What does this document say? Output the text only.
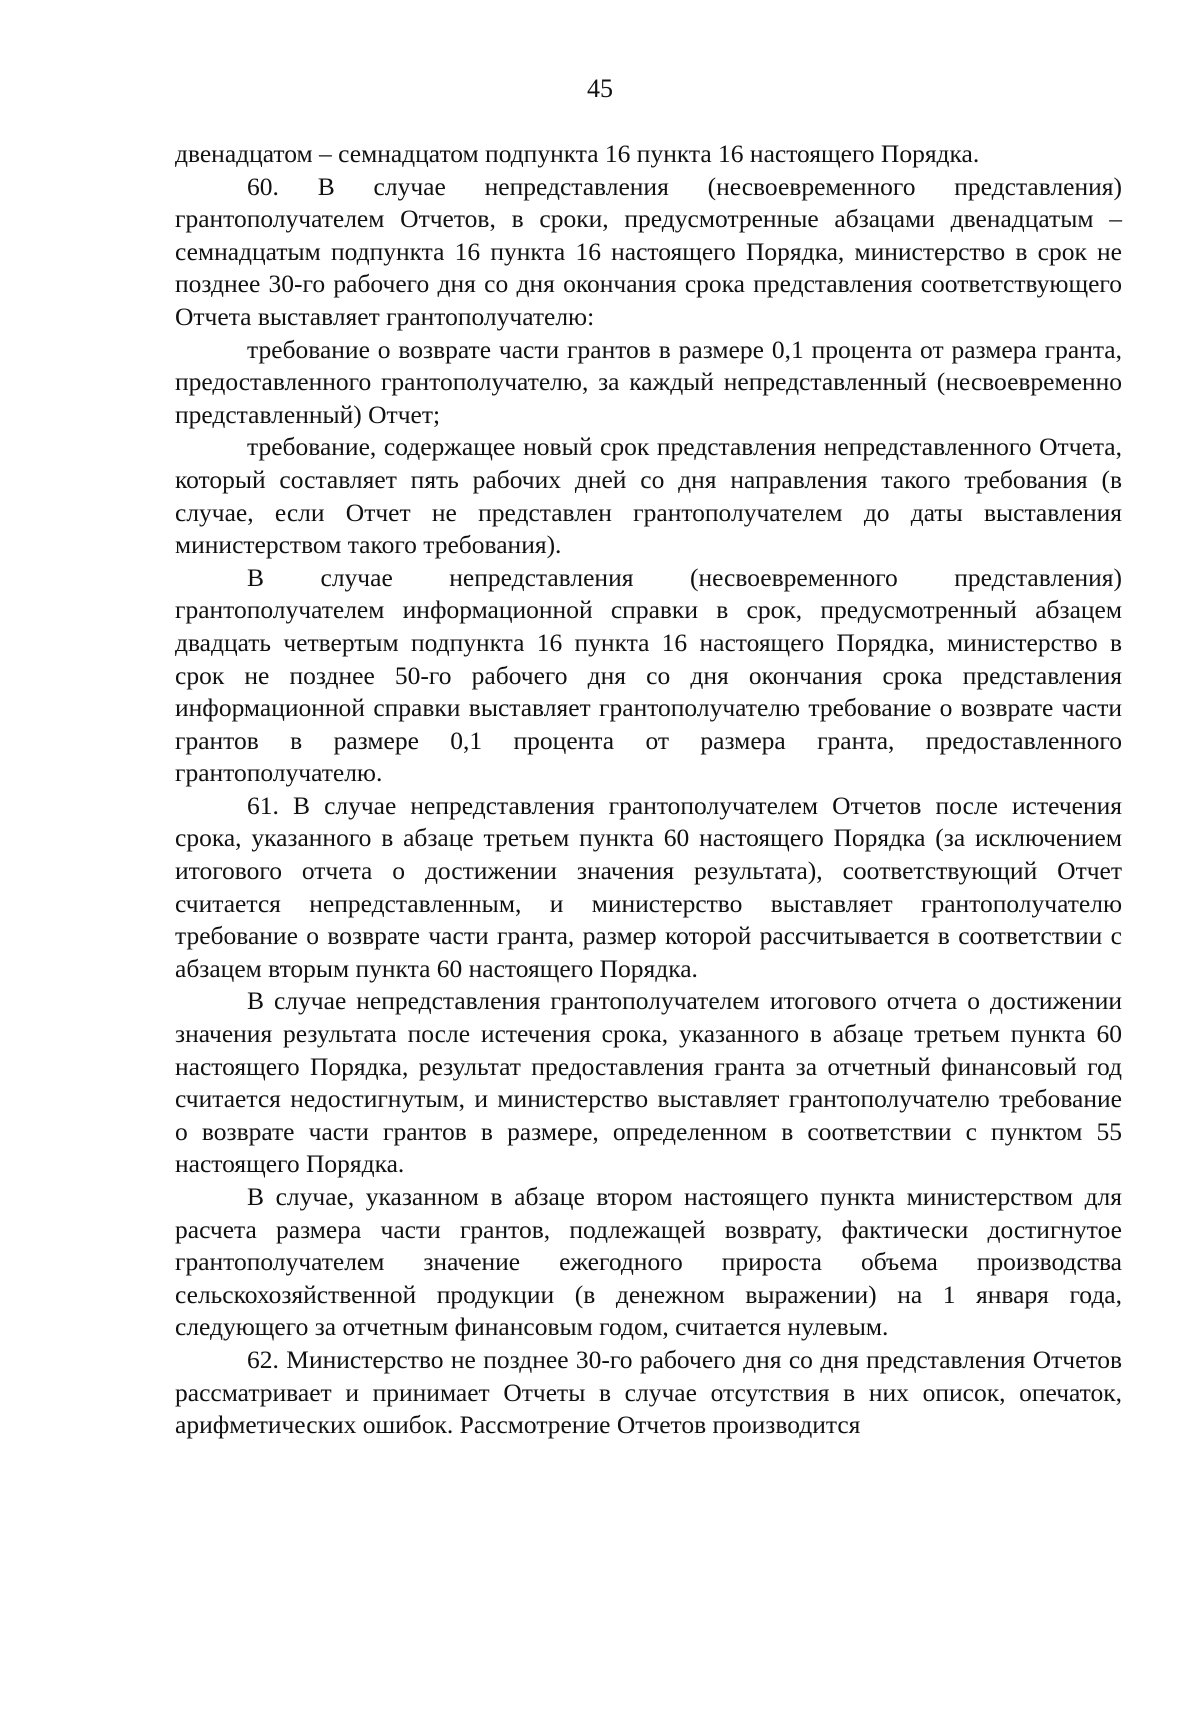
45

двенадцатом – семнадцатом подпункта 16 пункта 16 настоящего Порядка.

60. В случае непредставления (несвоевременного представления) грантополучателем Отчетов, в сроки, предусмотренные абзацами двенадцатым – семнадцатым подпункта 16 пункта 16 настоящего Порядка, министерство в срок не позднее 30-го рабочего дня со дня окончания срока представления соответствующего Отчета выставляет грантополучателю:

требование о возврате части грантов в размере 0,1 процента от размера гранта, предоставленного грантополучателю, за каждый непредставленный (несвоевременно представленный) Отчет;

требование, содержащее новый срок представления непредставленного Отчета, который составляет пять рабочих дней со дня направления такого требования (в случае, если Отчет не представлен грантополучателем до даты выставления министерством такого требования).

В случае непредставления (несвоевременного представления) грантополучателем информационной справки в срок, предусмотренный абзацем двадцать четвертым подпункта 16 пункта 16 настоящего Порядка, министерство в срок не позднее 50-го рабочего дня со дня окончания срока представления информационной справки выставляет грантополучателю требование о возврате части грантов в размере 0,1 процента от размера гранта, предоставленного грантополучателю.

61. В случае непредставления грантополучателем Отчетов после истечения срока, указанного в абзаце третьем пункта 60 настоящего Порядка (за исключением итогового отчета о достижении значения результата), соответствующий Отчет считается непредставленным, и министерство выставляет грантополучателю требование о возврате части гранта, размер которой рассчитывается в соответствии с абзацем вторым пункта 60 настоящего Порядка.

В случае непредставления грантополучателем итогового отчета о достижении значения результата после истечения срока, указанного в абзаце третьем пункта 60 настоящего Порядка, результат предоставления гранта за отчетный финансовый год считается недостигнутым, и министерство выставляет грантополучателю требование о возврате части грантов в размере, определенном в соответствии с пунктом 55 настоящего Порядка.

В случае, указанном в абзаце втором настоящего пункта министерством для расчета размера части грантов, подлежащей возврату, фактически достигнутое грантополучателем значение ежегодного прироста объема производства сельскохозяйственной продукции (в денежном выражении) на 1 января года, следующего за отчетным финансовым годом, считается нулевым.

62. Министерство не позднее 30-го рабочего дня со дня представления Отчетов рассматривает и принимает Отчеты в случае отсутствия в них описок, опечаток, арифметических ошибок. Рассмотрение Отчетов производится
